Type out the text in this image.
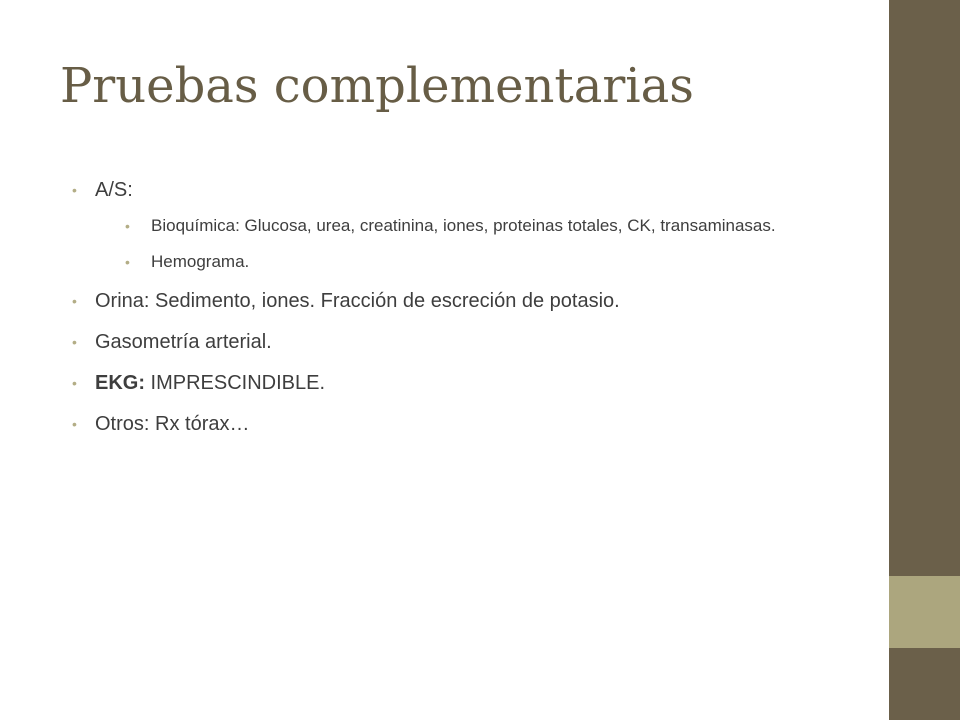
Pruebas complementarias
• A/S:
• Bioquímica: Glucosa, urea, creatinina, iones, proteinas totales, CK, transaminasas.
• Hemograma.
• Orina: Sedimento, iones. Fracción de escreción de potasio.
• Gasometría arterial.
• EKG: IMPRESCINDIBLE.
• Otros: Rx tórax…
